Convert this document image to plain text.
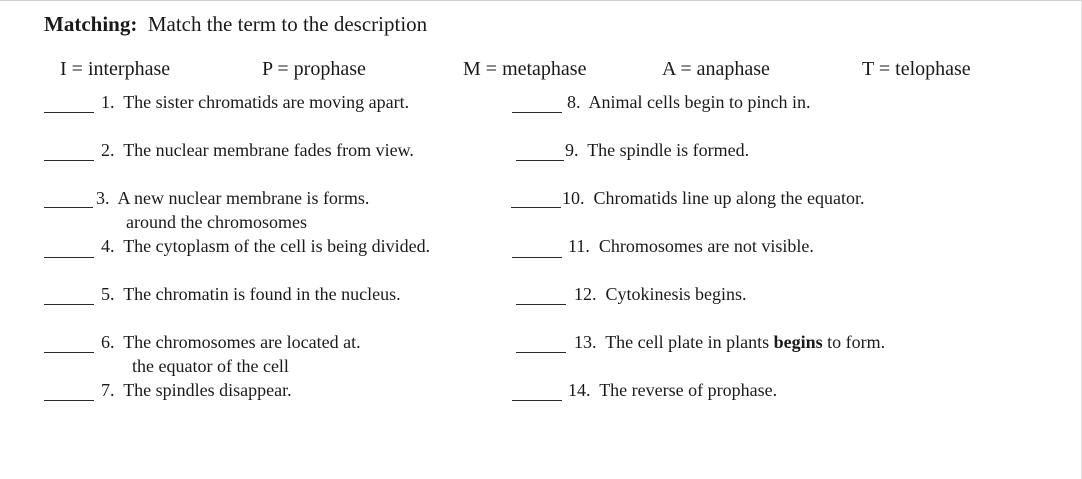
Matching: Match the term to the description
I = interphase	P = prophase	M = metaphase	A = anaphase	T = telophase
1. The sister chromatids are moving apart.
2. The nuclear membrane fades from view.
3. A new nuclear membrane is forms.
around the chromosomes
4. The cytoplasm of the cell is being divided.
5. The chromatin is found in the nucleus.
6. The chromosomes are located at.
the equator of the cell
7. The spindles disappear.
8. Animal cells begin to pinch in.
9. The spindle is formed.
10. Chromatids line up along the equator.
11. Chromosomes are not visible.
12. Cytokinesis begins.
13. The cell plate in plants begins to form.
14. The reverse of prophase.
